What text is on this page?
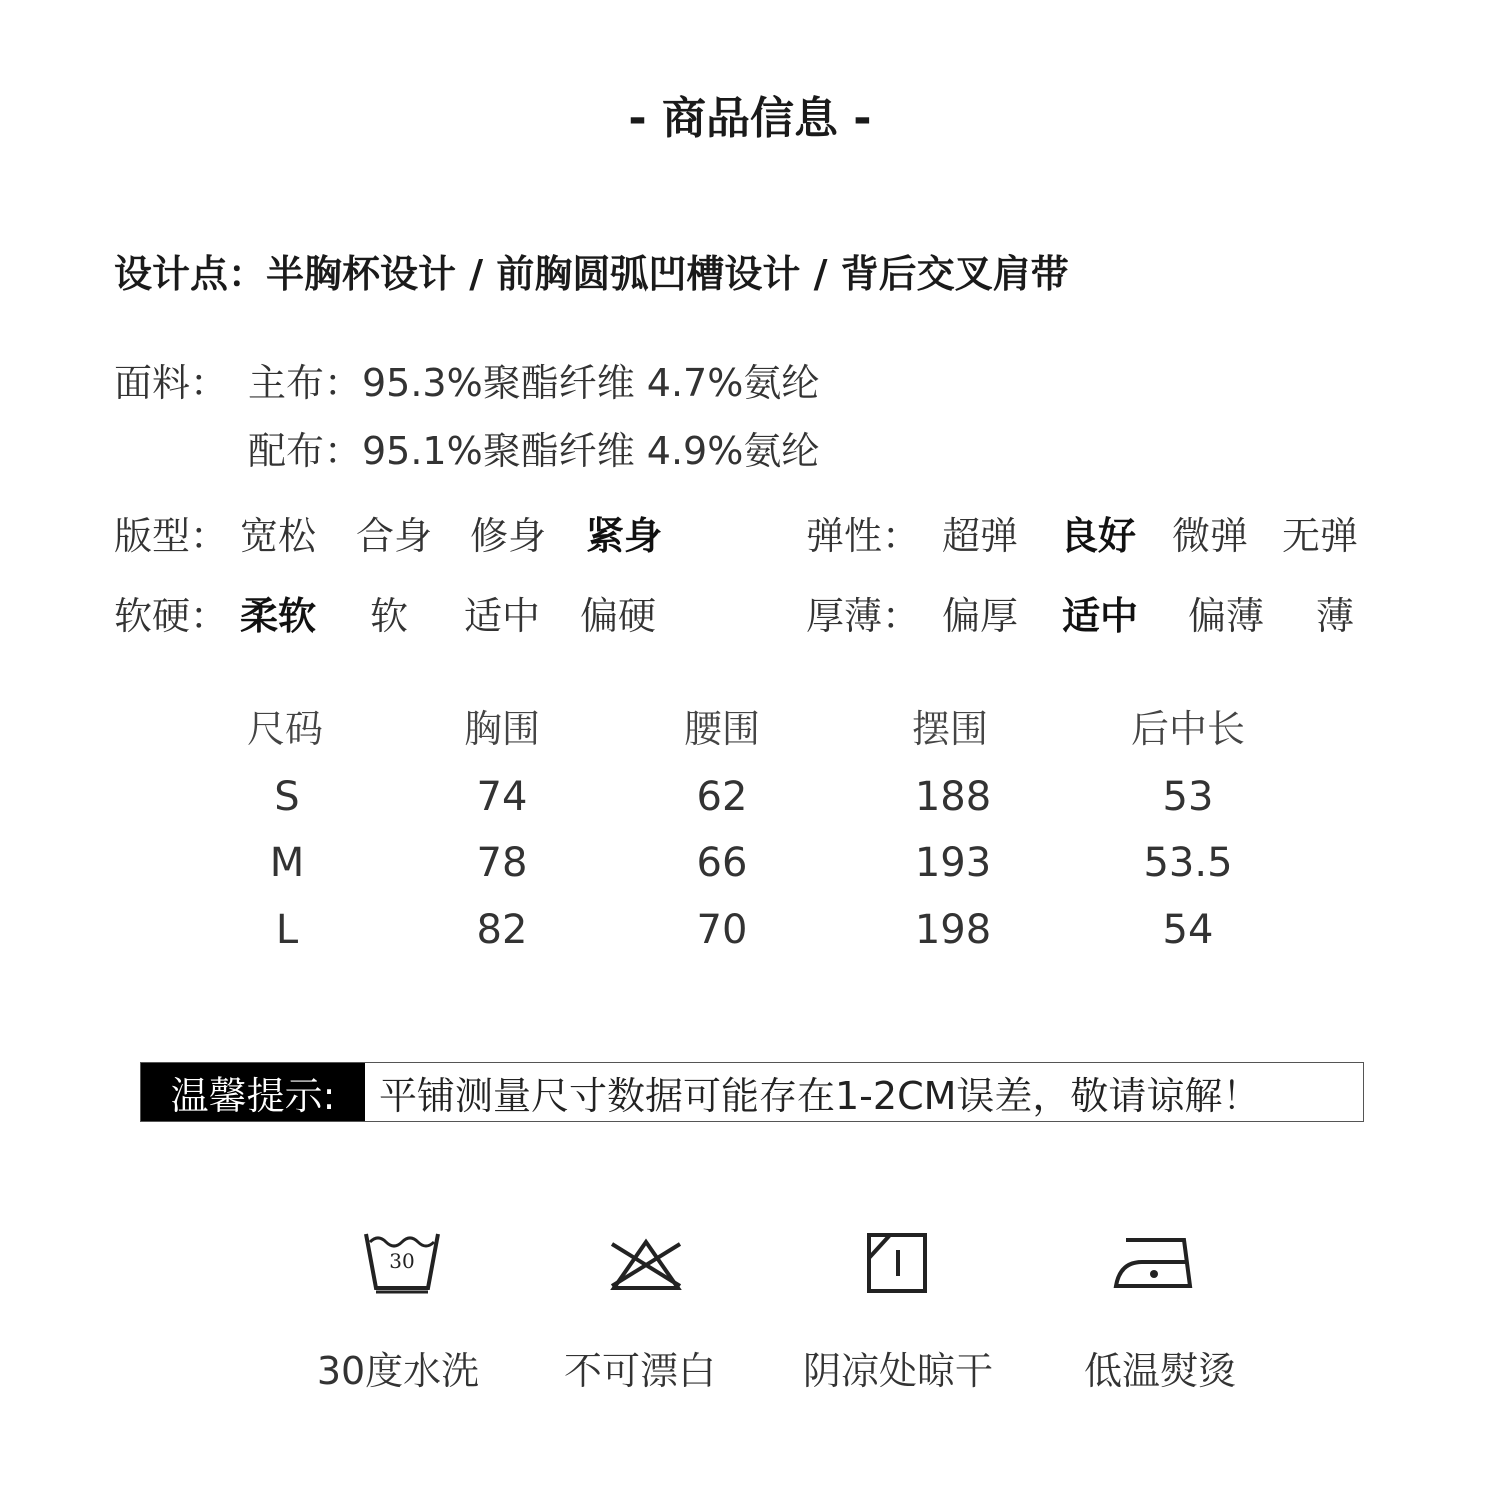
- 商品信息 -
设计点：半胸杯设计 / 前胸圆弧凹槽设计 / 背后交叉肩带
面料： 主布：95.3%聚酯纤维 4.7%氨纶
配布：95.1%聚酯纤维 4.9%氨纶
版型： 宽松 合身 修身 紧身	弹性： 超弹 良好 微弹 无弹
软硬： 柔软 软 适中 偏硬	厚薄： 偏厚 适中 偏薄 薄
尺码	胸围	腰围	摆围	后中长
S	74	62	188	53
M	78	66	193	53.5
L	82	70	198	54
温馨提示:	平铺测量尺寸数据可能存在1-2CM误差，敬请谅解！
30
30度水洗	不可漂白	阴凉处晾干	低温熨烫
